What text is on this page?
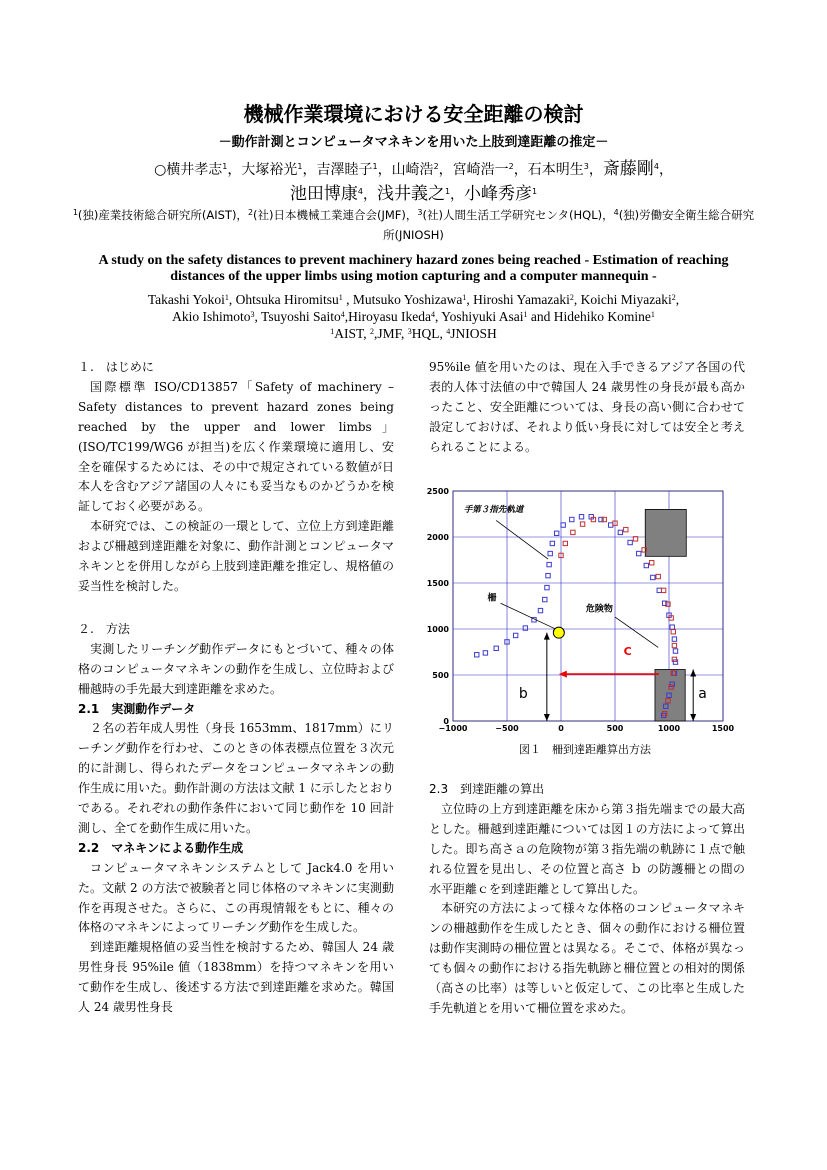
機械作業環境における安全距離の検討
－動作計測とコンピュータマネキンを用いた上肢到達距離の推定－
○横井孝志$^1$，大塚裕光$^1$，吉澤睦子$^1$，山崎浩$^2$，宮崎浩一$^2$，石本明生$^3$，斎藤剛$^4$，
池田博康$^4$，浅井義之$^1$，小峰秀彦$^1$
$^1$(独)産業技術総合研究所(AIST)，$^2$(社)日本機械工業連合会(JMF)，$^3$(社)人間生活工学研究センタ(HQL)，$^4$(独)労働安全衛生総合研究所(JNIOSH)
A study on the safety distances to prevent machinery hazard zones being reached - Estimation of reaching distances of the upper limbs using motion capturing and a computer mannequin -
Takashi Yokoi$^1$, Ohtsuka Hiromitsu$^1$ , Mutsuko Yoshizawa$^1$, Hiroshi Yamazaki$^2$, Koichi Miyazaki$^2$,
Akio Ishimoto$^3$, Tsuyoshi Saito$^4$,Hiroyasu Ikeda$^4$, Yoshiyuki Asai$^1$ and Hidehiko Komine$^1$
$^1$AIST, $^2$,JMF, $^3$HQL, $^4$JNIOSH
１.　はじめに

国際標準 ISO/CD13857「Safety of machinery – Safety distances to prevent hazard zones being reached by the upper and lower limbs」(ISO/TC199/WG6 が担当)を広く作業環境に適用し、安全を確保するためには、その中で規定されている数値が日本人を含むアジア諸国の人々にも妥当なものかどうかを検証しておく必要がある。

本研究では、この検証の一環として、立位上方到達距離および柵越到達距離を対象に、動作計測とコンピュータマネキンとを併用しながら上肢到達距離を推定し、規格値の妥当性を検討した。

２.　方法

実測したリーチング動作データにもとづいて、種々の体格のコンピュータマネキンの動作を生成し、立位時および柵越時の手先最大到達距離を求めた。

2.1　実測動作データ

２名の若年成人男性（身長 1653mm、1817mm）にリーチング動作を行わせ、このときの体表標点位置を３次元的に計測し、得られたデータをコンピュータマネキンの動作生成に用いた。動作計測の方法は文献 1 に示したとおりである。それぞれの動作条件において同じ動作を 10 回計測し、全てを動作生成に用いた。

2.2　マネキンによる動作生成

コンピュータマネキンシステムとして Jack4.0 を用いた。文献 2 の方法で被験者と同じ体格のマネキンに実測動作を再現させた。さらに、この再現情報をもとに、種々の体格のマネキンによってリーチング動作を生成した。

到達距離規格値の妥当性を検討するため、韓国人 24 歳男性身長 95%ile 値（1838mm）を持つマネキンを用いて動作を生成し、後述する方法で到達距離を求めた。韓国人 24 歳男性身長

95%ile 値を用いたのは、現在入手できるアジア各国の代表的人体寸法値の中で韓国人 24 歳男性の身長が最も高かったこと、安全距離については、身長の高い側に合わせて設定しておけば、それより低い身長に対しては安全と考えられることによる。

−1000	−500	0	500	1000	1500
0
500
1000
1500
2000
2500
手第３指先軌道
柵
危険物
C
b	a
図１　柵到達距離算出方法
2.3　到達距離の算出

立位時の上方到達距離を床から第３指先端までの最大高とした。柵越到達距離については図１の方法によって算出した。即ち高さａの危険物が第３指先端の軌跡に１点で触れる位置を見出し、その位置と高さ ｂ の防護柵との間の水平距離ｃを到達距離として算出した。

本研究の方法によって様々な体格のコンピュータマネキンの柵越動作を生成したとき、個々の動作における柵位置は動作実測時の柵位置とは異なる。そこで、体格が異なっても個々の動作における指先軌跡と柵位置との相対的関係（高さの比率）は等しいと仮定して、この比率と生成した手先軌道とを用いて柵位置を求めた。
